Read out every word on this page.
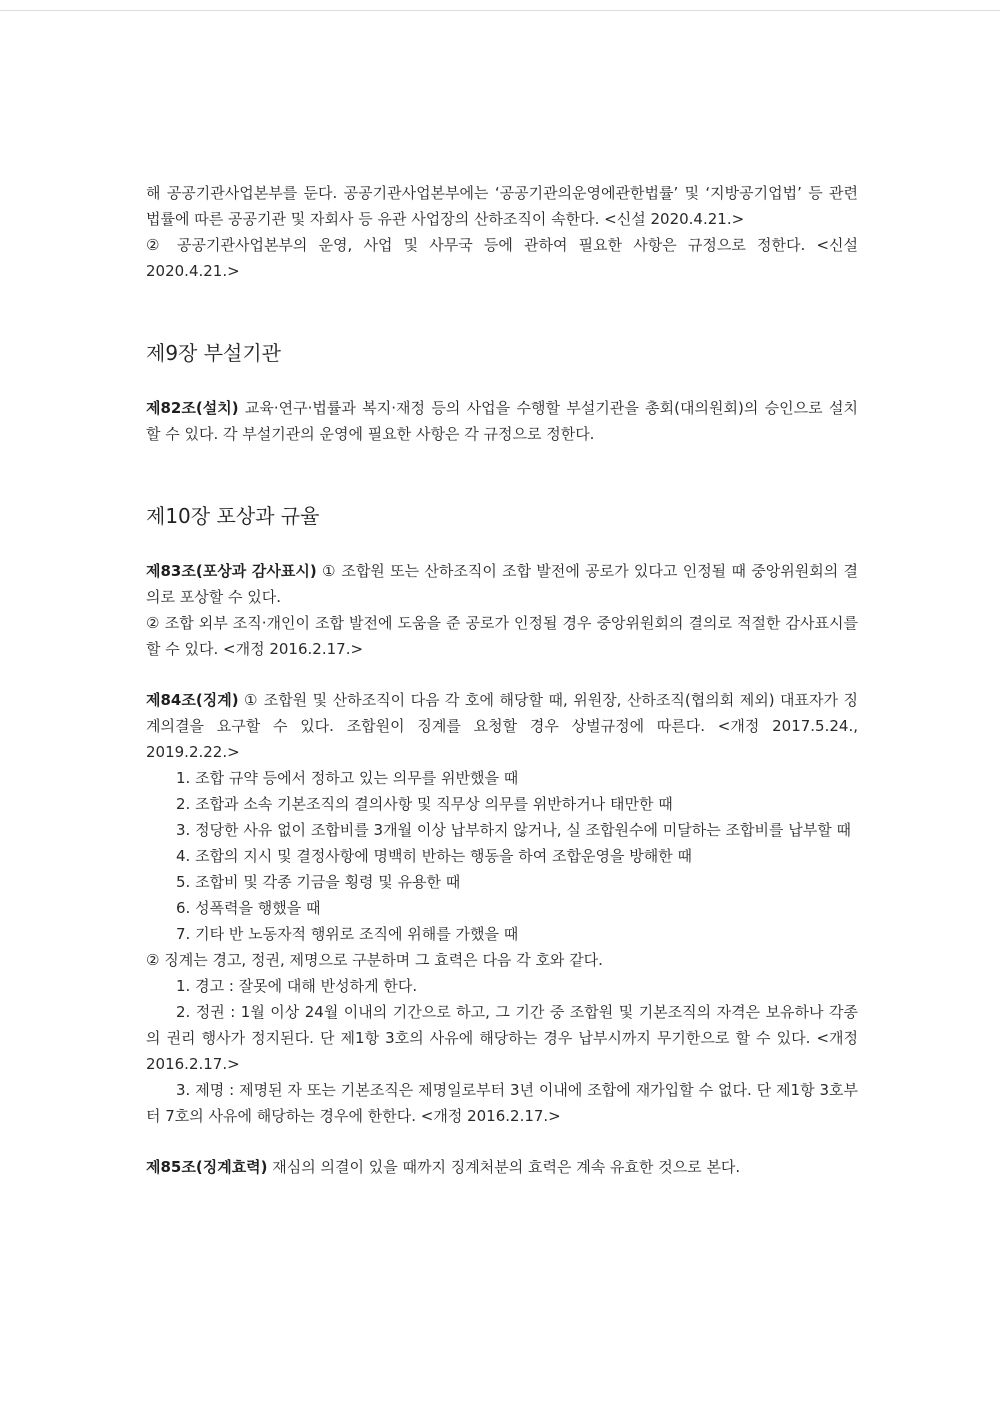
해 공공기관사업본부를 둔다. 공공기관사업본부에는 ‘공공기관의운영에관한법률’ 및 ‘지방공기업법’ 등 관련 법률에 따른 공공기관 및 자회사 등 유관 사업장의 산하조직이 속한다. <신설 2020.4.21.>

② 공공기관사업본부의 운영, 사업 및 사무국 등에 관하여 필요한 사항은 규정으로 정한다. <신설 2020.4.21.>

제9장 부설기관

제82조(설치) 교육·연구·법률과 복지·재정 등의 사업을 수행할 부설기관을 총회(대의원회)의 승인으로 설치할 수 있다. 각 부설기관의 운영에 필요한 사항은 각 규정으로 정한다.

제10장 포상과 규율

제83조(포상과 감사표시) ① 조합원 또는 산하조직이 조합 발전에 공로가 있다고 인정될 때 중앙위원회의 결의로 포상할 수 있다.

② 조합 외부 조직·개인이 조합 발전에 도움을 준 공로가 인정될 경우 중앙위원회의 결의로 적절한 감사표시를 할 수 있다. <개정 2016.2.17.>

제84조(징계) ① 조합원 및 산하조직이 다음 각 호에 해당할 때, 위원장, 산하조직(협의회 제외) 대표자가 징계의결을 요구할 수 있다. 조합원이 징계를 요청할 경우 상벌규정에 따른다. <개정 2017.5.24., 2019.2.22.>

1. 조합 규약 등에서 정하고 있는 의무를 위반했을 때

2. 조합과 소속 기본조직의 결의사항 및 직무상 의무를 위반하거나 태만한 때

3. 정당한 사유 없이 조합비를 3개월 이상 납부하지 않거나, 실 조합원수에 미달하는 조합비를 납부할 때

4. 조합의 지시 및 결정사항에 명백히 반하는 행동을 하여 조합운영을 방해한 때

5. 조합비 및 각종 기금을 횡령 및 유용한 때

6. 성폭력을 행했을 때

7. 기타 반 노동자적 행위로 조직에 위해를 가했을 때

② 징계는 경고, 정권, 제명으로 구분하며 그 효력은 다음 각 호와 같다.

1. 경고 : 잘못에 대해 반성하게 한다.

2. 정권 : 1월 이상 24월 이내의 기간으로 하고, 그 기간 중 조합원 및 기본조직의 자격은 보유하나 각종의 권리 행사가 정지된다. 단 제1항 3호의 사유에 해당하는 경우 납부시까지 무기한으로 할 수 있다. <개정 2016.2.17.>

3. 제명 : 제명된 자 또는 기본조직은 제명일로부터 3년 이내에 조합에 재가입할 수 없다. 단 제1항 3호부터 7호의 사유에 해당하는 경우에 한한다. <개정 2016.2.17.>

제85조(징계효력) 재심의 의결이 있을 때까지 징계처분의 효력은 계속 유효한 것으로 본다.
